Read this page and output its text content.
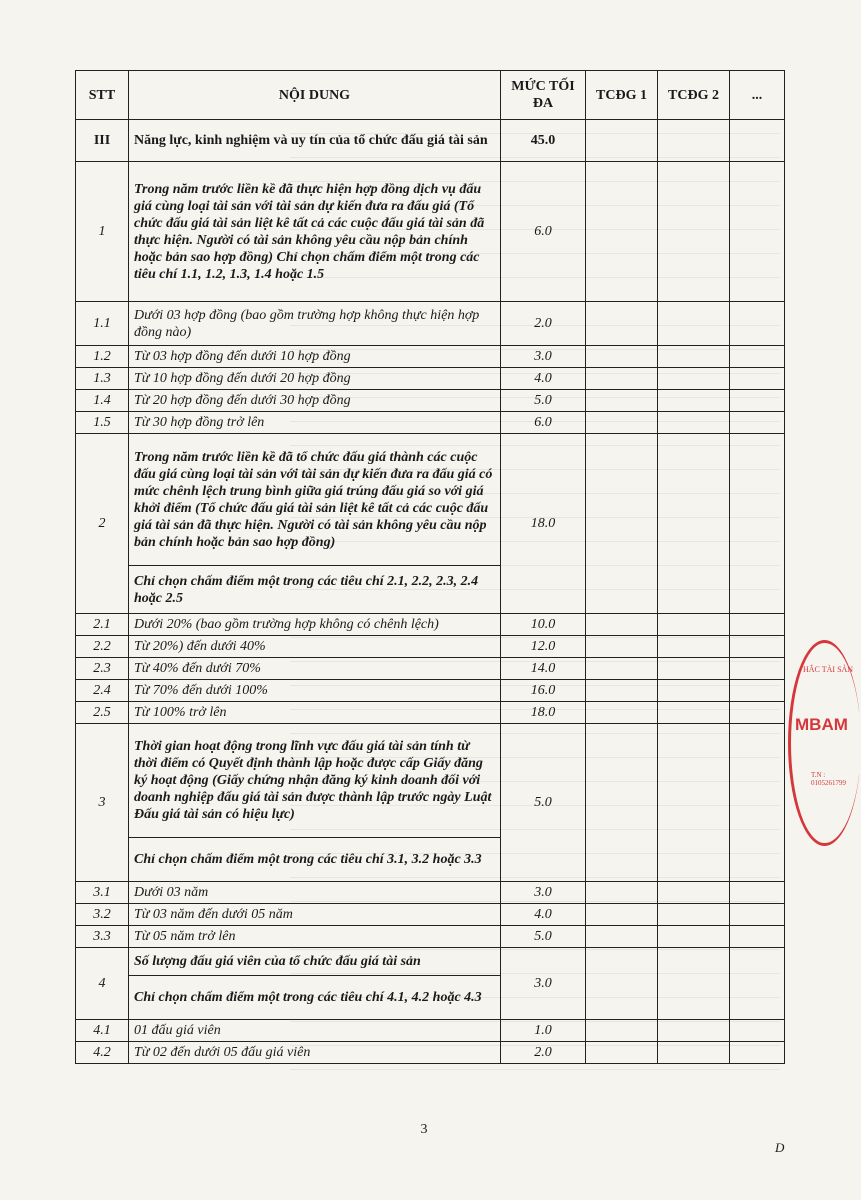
STT	NỘI DUNG	MỨC TỐI ĐA	TCĐG 1	TCĐG 2	...
III	Năng lực, kinh nghiệm và uy tín của tổ chức đấu giá tài sản	45.0			
1	Trong năm trước liền kề đã thực hiện hợp đồng dịch vụ đấu giá cùng loại tài sản với tài sản dự kiến đưa ra đấu giá (Tổ chức đấu giá tài sản liệt kê tất cả các cuộc đấu giá tài sản đã thực hiện. Người có tài sản không yêu cầu nộp bản chính hoặc bản sao hợp đồng) Chỉ chọn chấm điểm một trong các tiêu chí 1.1, 1.2, 1.3, 1.4 hoặc 1.5	6.0			
1.1	Dưới 03 hợp đồng (bao gồm trường hợp không thực hiện hợp đồng nào)	2.0			
1.2	Từ 03 hợp đồng đến dưới 10 hợp đồng	3.0			
1.3	Từ 10 hợp đồng đến dưới 20 hợp đồng	4.0			
1.4	Từ 20 hợp đồng đến dưới 30 hợp đồng	5.0			
1.5	Từ 30 hợp đồng trở lên	6.0			
2	Trong năm trước liền kề đã tổ chức đấu giá thành các cuộc đấu giá cùng loại tài sản với tài sản dự kiến đưa ra đấu giá có mức chênh lệch trung bình giữa giá trúng đấu giá so với giá khởi điểm (Tổ chức đấu giá tài sản liệt kê tất cả các cuộc đấu giá tài sản đã thực hiện. Người có tài sản không yêu cầu nộp bản chính hoặc bản sao hợp đồng)	18.0			
	Chỉ chọn chấm điểm một trong các tiêu chí 2.1, 2.2, 2.3, 2.4 hoặc 2.5				
2.1	Dưới 20% (bao gồm trường hợp không có chênh lệch)	10.0			
2.2	Từ 20%) đến dưới 40%	12.0			
2.3	Từ 40% đến dưới 70%	14.0			
2.4	Từ 70% đến dưới 100%	16.0			
2.5	Từ 100% trở lên	18.0			
3	Thời gian hoạt động trong lĩnh vực đấu giá tài sản tính từ thời điểm có Quyết định thành lập hoặc được cấp Giấy đăng ký hoạt động (Giấy chứng nhận đăng ký kinh doanh đối với doanh nghiệp đấu giá tài sản được thành lập trước ngày Luật Đấu giá tài sản có hiệu lực)	5.0			
	Chỉ chọn chấm điểm một trong các tiêu chí 3.1, 3.2 hoặc 3.3				
3.1	Dưới 03 năm	3.0			
3.2	Từ 03 năm đến dưới 05 năm	4.0			
3.3	Từ 05 năm trở lên	5.0			
4	Số lượng đấu giá viên của tổ chức đấu giá tài sản	3.0			
	Chỉ chọn chấm điểm một trong các tiêu chí 4.1, 4.2 hoặc 4.3				
4.1	01 đấu giá viên	1.0			
4.2	Từ 02 đến dưới 05 đấu giá viên	2.0			
HẮC TÀI SẢN
MBAM
T.N : 0105261799
3
D
